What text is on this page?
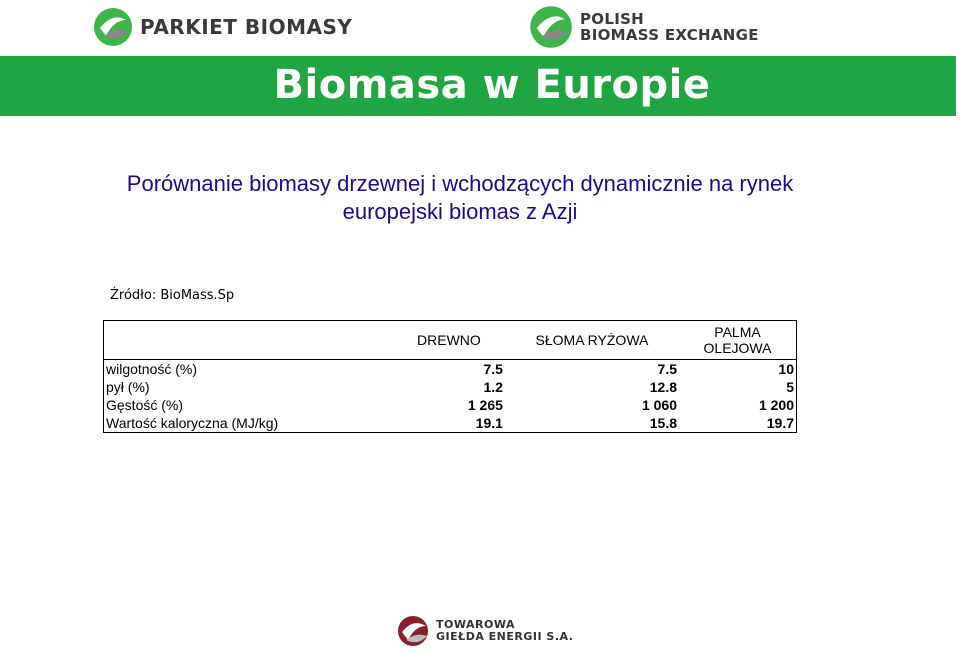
PARKIET BIOMASY	POLISH
BIOMASS EXCHANGE
Biomasa w Europie
Porównanie biomasy drzewnej i wchodzących dynamicznie na rynek
europejski biomas z Azji
Źródło: BioMass.Sp
	DREWNO	SŁOMA RYŻOWA	PALMA OLEJOWA
wilgotność (%)	7.5	7.5	10
pył (%)	1.2	12.8	5
Gęstość (%)	1 265	1 060	1 200
Wartość kaloryczna (MJ/kg)	19.1	15.8	19.7
TOWAROWA
GIEŁDA ENERGII S.A.
